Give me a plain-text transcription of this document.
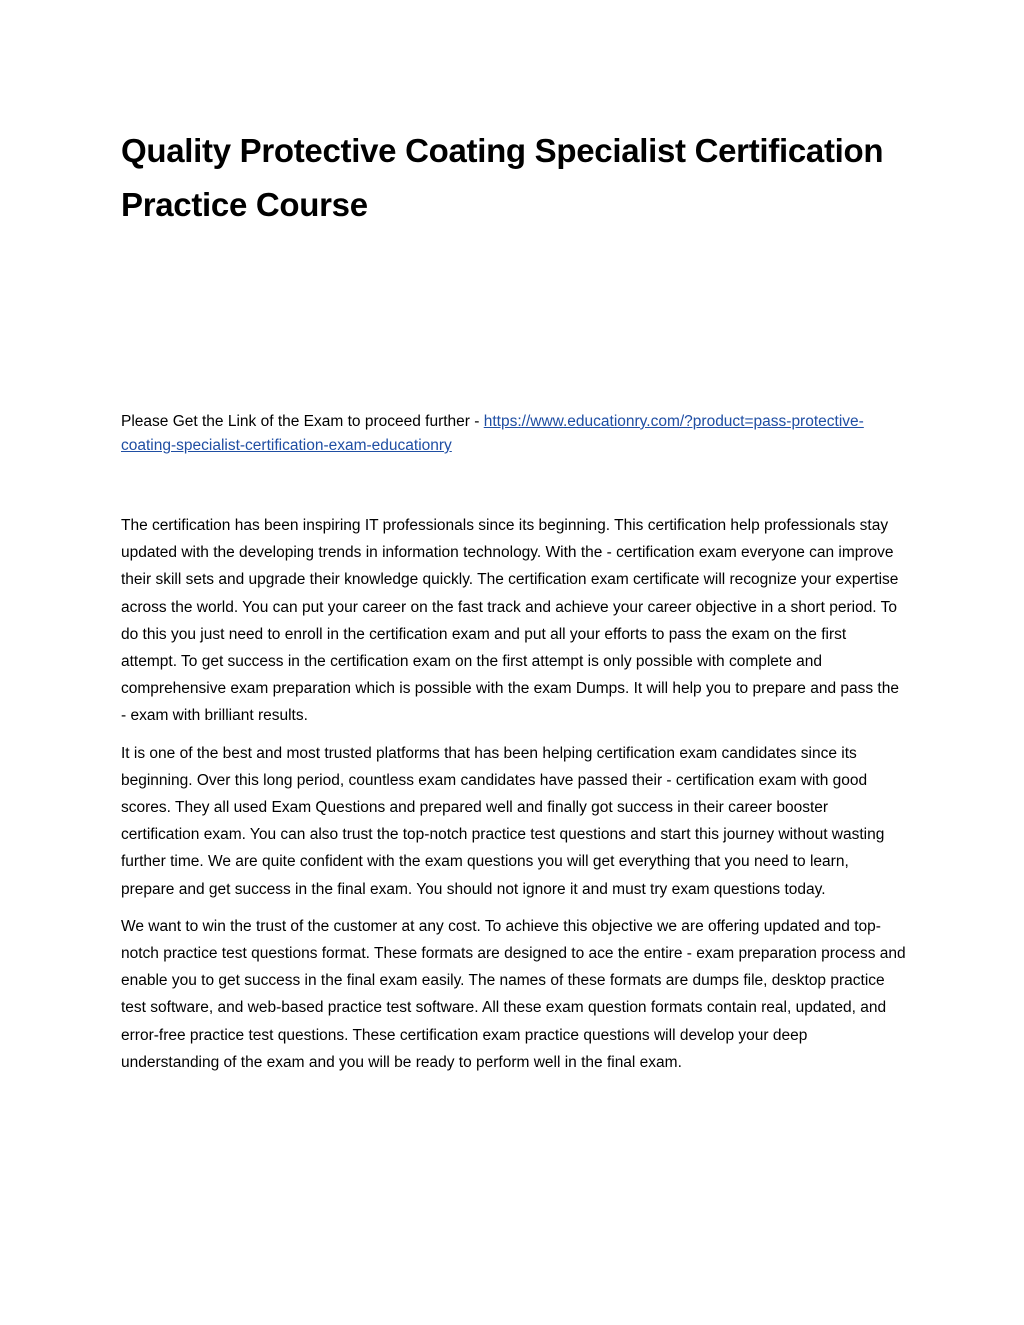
Quality Protective Coating Specialist Certification Practice Course

Please Get the Link of the Exam to proceed further - https://www.educationry.com/?product=pass-protective-coating-specialist-certification-exam-educationry

The certification has been inspiring IT professionals since its beginning. This certification help professionals stay updated with the developing trends in information technology. With the - certification exam everyone can improve their skill sets and upgrade their knowledge quickly. The certification exam certificate will recognize your expertise across the world. You can put your career on the fast track and achieve your career objective in a short period. To do this you just need to enroll in the certification exam and put all your efforts to pass the exam on the first attempt. To get success in the certification exam on the first attempt is only possible with complete and comprehensive exam preparation which is possible with the exam Dumps. It will help you to prepare and pass the - exam with brilliant results.

It is one of the best and most trusted platforms that has been helping certification exam candidates since its beginning. Over this long period, countless exam candidates have passed their - certification exam with good scores. They all used Exam Questions and prepared well and finally got success in their career booster certification exam. You can also trust the top-notch practice test questions and start this journey without wasting further time. We are quite confident with the exam questions you will get everything that you need to learn, prepare and get success in the final exam. You should not ignore it and must try exam questions today.

We want to win the trust of the customer at any cost. To achieve this objective we are offering updated and top-notch practice test questions format. These formats are designed to ace the entire - exam preparation process and enable you to get success in the final exam easily. The names of these formats are dumps file, desktop practice test software, and web-based practice test software. All these exam question formats contain real, updated, and error-free practice test questions. These certification exam practice questions will develop your deep understanding of the exam and you will be ready to perform well in the final exam.
